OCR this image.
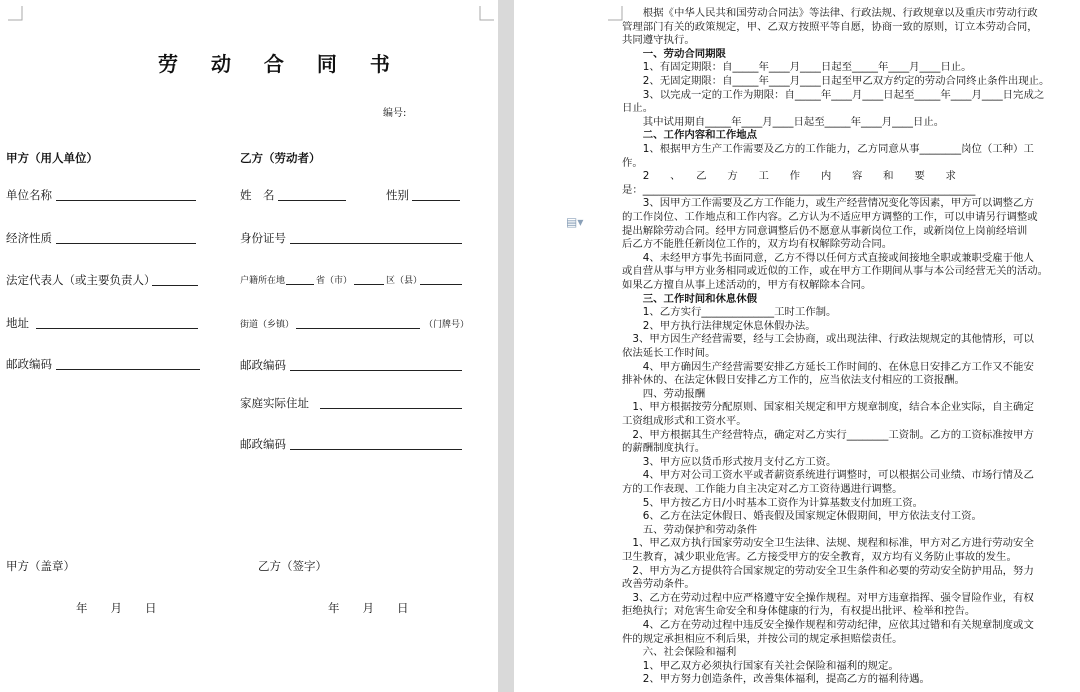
劳 动 合 同 书
编号:
甲方（用人单位）	乙方（劳动者）
单位名称
经济性质
法定代表人（或主要负责人）
地址
邮政编码
姓　名	性别
身份证号
户籍所在地	省（市）	区（县）
街道（乡镇）	（门牌号）
邮政编码
家庭实际住址
邮政编码
甲方（盖章）	乙方（签字）
年　　月　　日	年　　月　　日
▤▾
　　根据《中华人民共和国劳动合同法》等法律、行政法规、行政规章以及重庆市劳动行政
管理部门有关的政策规定，甲、乙双方按照平等自愿，协商一致的原则，订立本劳动合同，
共同遵守执行。
　　一、劳动合同期限
　　1、有固定期限：自_____年____月____日起至_____年____月____日止。
　　2、无固定期限：自_____年____月____日起至甲乙双方约定的劳动合同终止条件出现止。
　　3、以完成一定的工作为期限：自_____年____月____日起至_____年____月____日完成之
日止。
　　其中试用期自_____年____月____日起至_____年____月____日止。
　　二、工作内容和工作地点
　　1、根据甲方生产工作需要及乙方的工作能力，乙方同意从事________岗位（工种）工
作。
　　2　　、　　乙　　方　　工　　作　　内　　容　　和　　要　　求
是：________________________________________________________________
　　3、因甲方工作需要及乙方工作能力，或生产经营情况变化等因素，甲方可以调整乙方
的工作岗位、工作地点和工作内容。乙方认为不适应甲方调整的工作，可以申请另行调整或
提出解除劳动合同。经甲方同意调整后仍不愿意从事新岗位工作，或新岗位上岗前经培训
后乙方不能胜任新岗位工作的，双方均有权解除劳动合同。
　　4、未经甲方事先书面同意，乙方不得以任何方式直接或间接地全职或兼职受雇于他人
或自营从事与甲方业务相同或近似的工作，或在甲方工作期间从事与本公司经营无关的活动。
如果乙方擅自从事上述活动的，甲方有权解除本合同。
　　三、工作时间和休息休假
　　1、乙方实行______________工时工作制。
　　2、甲方执行法律规定休息休假办法。
　3、甲方因生产经营需要，经与工会协商，或出现法律、行政法规规定的其他情形，可以
依法延长工作时间。
　　4、甲方确因生产经营需要安排乙方延长工作时间的、在休息日安排乙方工作又不能安
排补休的、在法定休假日安排乙方工作的，应当依法支付相应的工资报酬。
　　四、劳动报酬
　1、甲方根据按劳分配原则、国家相关规定和甲方规章制度，结合本企业实际，自主确定
工资组成形式和工资水平。
　2、甲方根据其生产经营特点，确定对乙方实行________工资制。乙方的工资标准按甲方
的薪酬制度执行。
　　3、甲方应以货币形式按月支付乙方工资。
　　4、甲方对公司工资水平或者薪资系统进行调整时，可以根据公司业绩、市场行情及乙
方的工作表现、工作能力自主决定对乙方工资待遇进行调整。
　　5、甲方按乙方日/小时基本工资作为计算基数支付加班工资。
　　6、乙方在法定休假日、婚丧假及国家规定休假期间，甲方依法支付工资。
　　五、劳动保护和劳动条件
　1、甲乙双方执行国家劳动安全卫生法律、法规、规程和标准，甲方对乙方进行劳动安全
卫生教育，减少职业危害。乙方接受甲方的安全教育，双方均有义务防止事故的发生。
　2、甲方为乙方提供符合国家规定的劳动安全卫生条件和必要的劳动安全防护用品，努力
改善劳动条件。
　3、乙方在劳动过程中应严格遵守安全操作规程。对甲方违章指挥、强令冒险作业，有权
拒绝执行；对危害生命安全和身体健康的行为，有权提出批评、检举和控告。
　　4、乙方在劳动过程中违反安全操作规程和劳动纪律，应依其过错和有关规章制度或文
件的规定承担相应不利后果，并按公司的规定承担赔偿责任。
　　六、社会保险和福利
　　1、甲乙双方必须执行国家有关社会保险和福利的规定。
　　2、甲方努力创造条件，改善集体福利，提高乙方的福利待遇。
